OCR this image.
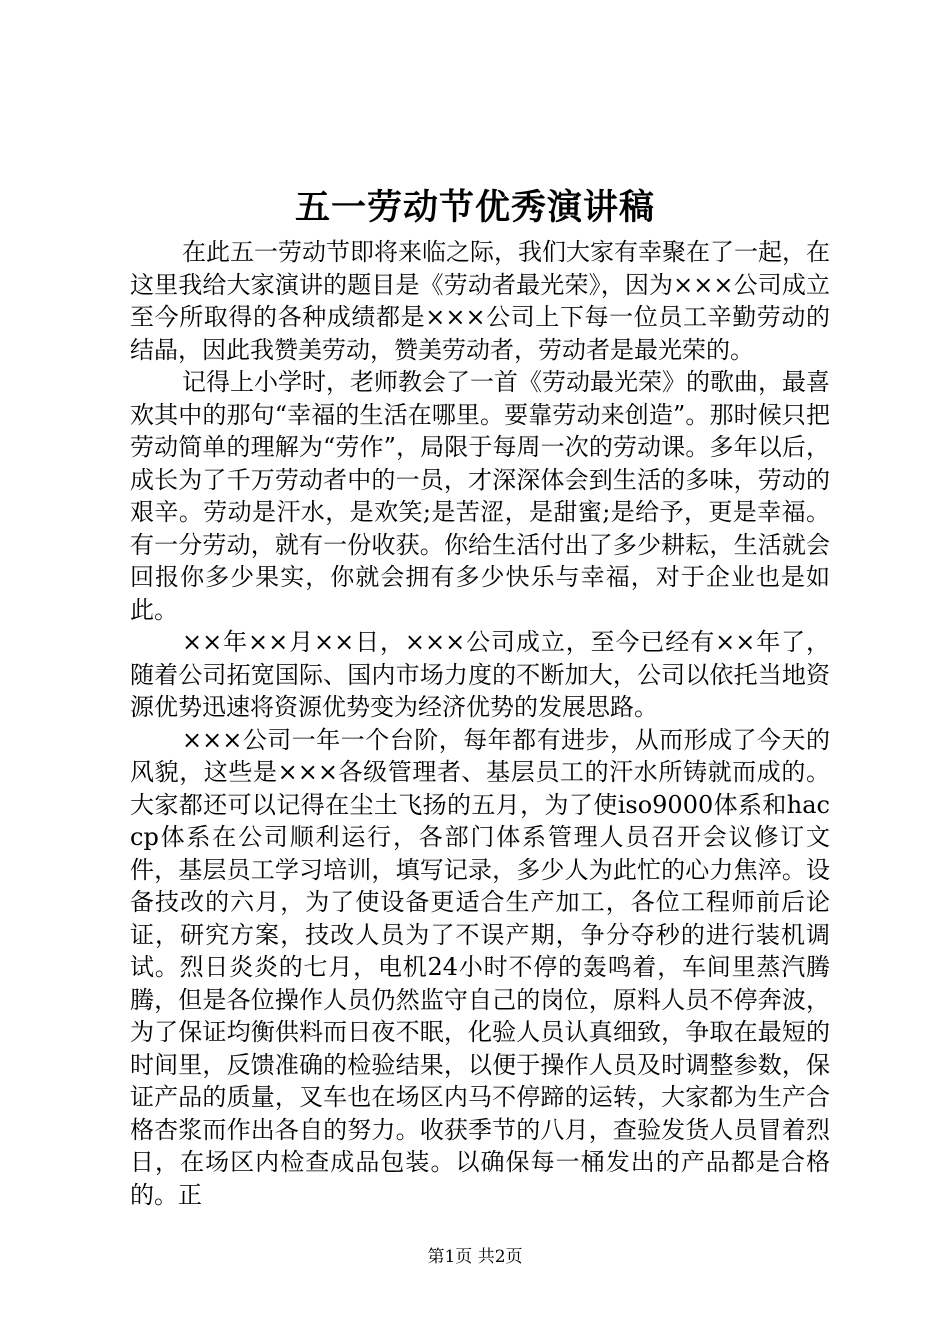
五一劳动节优秀演讲稿

在此五一劳动节即将来临之际，我们大家有幸聚在了一起，在这里我给大家演讲的题目是《劳动者最光荣》，因为×××公司成立至今所取得的各种成绩都是×××公司上下每一位员工辛勤劳动的结晶，因此我赞美劳动，赞美劳动者，劳动者是最光荣的。

记得上小学时，老师教会了一首《劳动最光荣》的歌曲，最喜欢其中的那句“幸福的生活在哪里。要靠劳动来创造”。那时候只把劳动简单的理解为“劳作”，局限于每周一次的劳动课。多年以后，成长为了千万劳动者中的一员，才深深体会到生活的多味，劳动的艰辛。劳动是汗水，是欢笑;是苦涩，是甜蜜;是给予，更是幸福。有一分劳动，就有一份收获。你给生活付出了多少耕耘，生活就会回报你多少果实，你就会拥有多少快乐与幸福，对于企业也是如此。

××年××月××日，×××公司成立，至今已经有××年了，随着公司拓宽国际、国内市场力度的不断加大，公司以依托当地资源优势迅速将资源优势变为经济优势的发展思路。

×××公司一年一个台阶，每年都有进步，从而形成了今天的风貌，这些是×××各级管理者、基层员工的汗水所铸就而成的。大家都还可以记得在尘土飞扬的五月，为了使iso9000体系和haccp体系在公司顺利运行，各部门体系管理人员召开会议修订文件，基层员工学习培训，填写记录，多少人为此忙的心力焦淬。设备技改的六月，为了使设备更适合生产加工，各位工程师前后论证，研究方案，技改人员为了不误产期，争分夺秒的进行装机调试。烈日炎炎的七月，电机24小时不停的轰鸣着，车间里蒸汽腾腾，但是各位操作人员仍然监守自己的岗位，原料人员不停奔波，为了保证均衡供料而日夜不眠，化验人员认真细致，争取在最短的时间里，反馈准确的检验结果，以便于操作人员及时调整参数，保证产品的质量，叉车也在场区内马不停蹄的运转，大家都为生产合格杏浆而作出各自的努力。收获季节的八月，查验发货人员冒着烈日，在场区内检查成品包装。以确保每一桶发出的产品都是合格的。正

第1页 共2页
